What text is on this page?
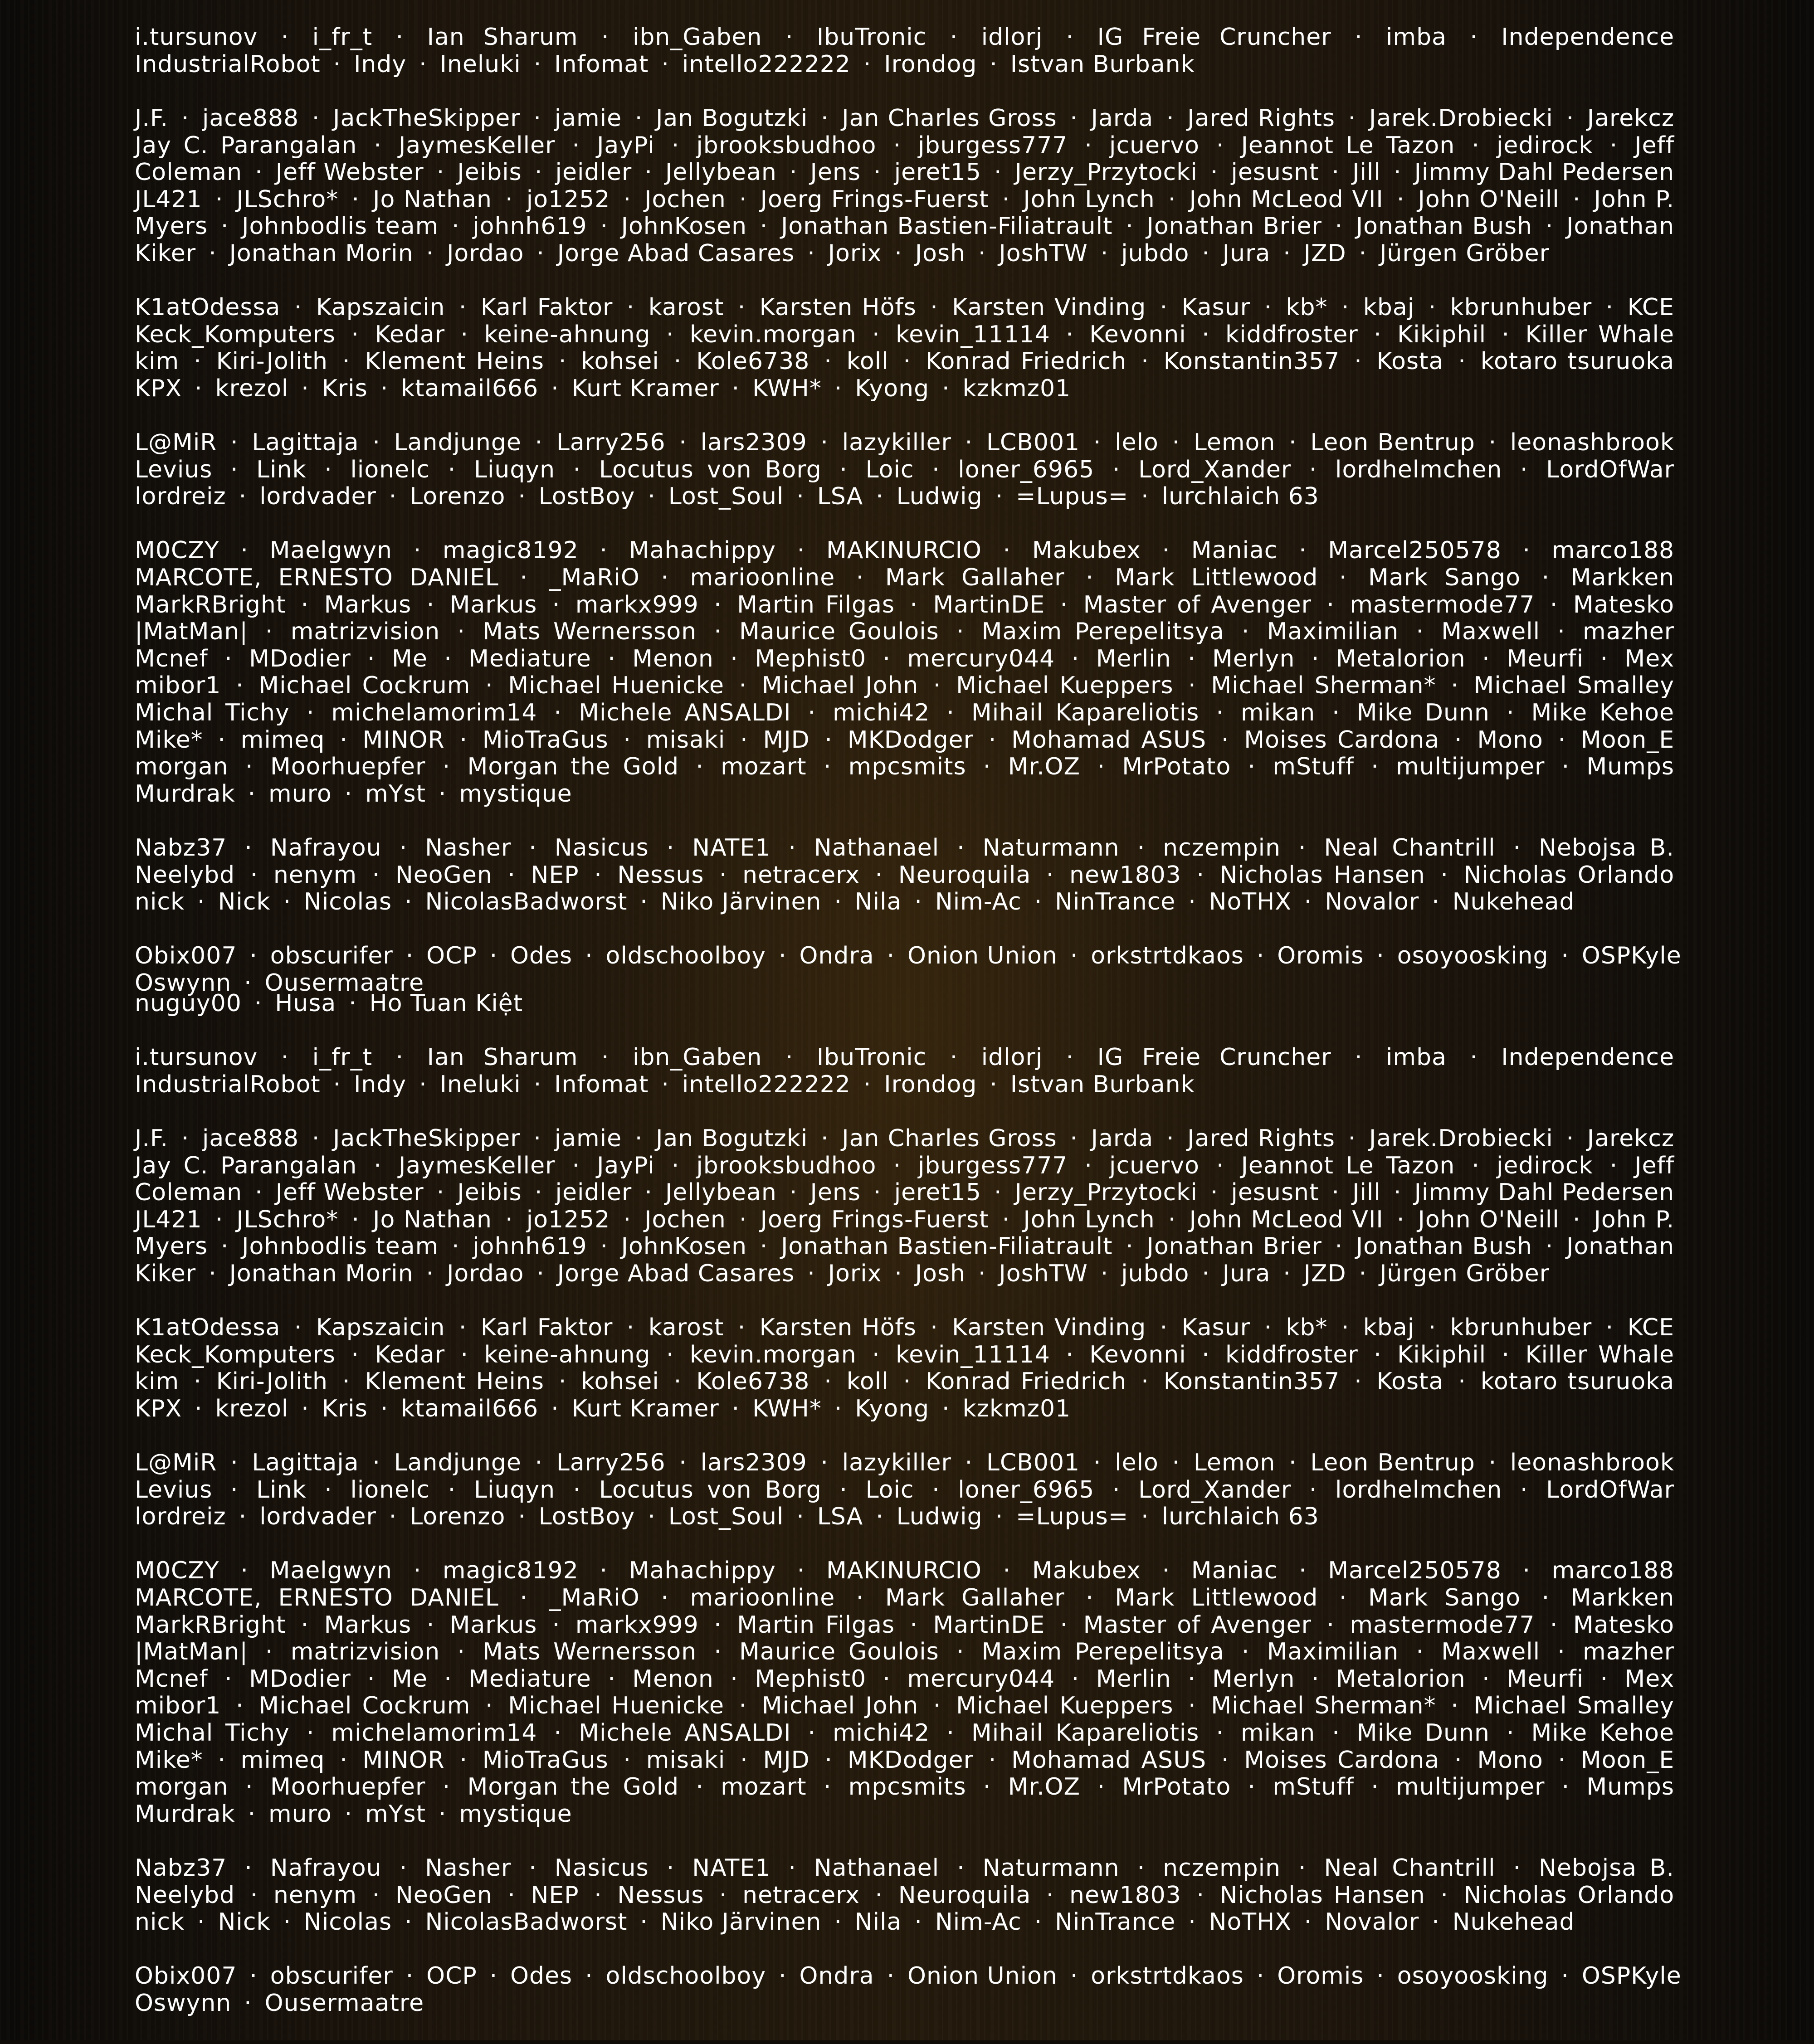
i.tursunov · i_fr_t · Ian Sharum · ibn_Gaben · IbuTronic · idlorj · IG Freie Cruncher · imba · Independence
IndustrialRobot · Indy · Ineluki · Infomat · intello222222 · Irondog · Istvan Burbank
J.F. · jace888 · JackTheSkipper · jamie · Jan Bogutzki · Jan Charles Gross · Jarda · Jared Rights · Jarek.Drobiecki · Jarekcz
Jay C. Parangalan · JaymesKeller · JayPi · jbrooksbudhoo · jburgess777 · jcuervo · Jeannot Le Tazon · jedirock · Jeff
Coleman · Jeff Webster · Jeibis · jeidler · Jellybean · Jens · jeret15 · Jerzy_Przytocki · jesusnt · Jill · Jimmy Dahl Pedersen
JL421 · JLSchro* · Jo Nathan · jo1252 · Jochen · Joerg Frings-Fuerst · John Lynch · John McLeod VII · John O'Neill · John P.
Myers · Johnbodlis team · johnh619 · JohnKosen · Jonathan Bastien-Filiatrault · Jonathan Brier · Jonathan Bush · Jonathan
Kiker · Jonathan Morin · Jordao · Jorge Abad Casares · Jorix · Josh · JoshTW · jubdo · Jura · JZD · Jürgen Gröber
K1atOdessa · Kapszaicin · Karl Faktor · karost · Karsten Höfs · Karsten Vinding · Kasur · kb* · kbaj · kbrunhuber · KCE
Keck_Komputers · Kedar · keine-ahnung · kevin.morgan · kevin_11114 · Kevonni · kiddfroster · Kikiphil · Killer Whale
kim · Kiri-Jolith · Klement Heins · kohsei · Kole6738 · koll · Konrad Friedrich · Konstantin357 · Kosta · kotaro tsuruoka
KPX · krezol · Kris · ktamail666 · Kurt Kramer · KWH* · Kyong · kzkmz01
L@MiR · Lagittaja · Landjunge · Larry256 · lars2309 · lazykiller · LCB001 · lelo · Lemon · Leon Bentrup · leonashbrook
Levius · Link · lionelc · Liuqyn · Locutus von Borg · Loic · loner_6965 · Lord_Xander · lordhelmchen · LordOfWar
lordreiz · lordvader · Lorenzo · LostBoy · Lost_Soul · LSA · Ludwig · =Lupus= · lurchlaich 63
M0CZY · Maelgwyn · magic8192 · Mahachippy · MAKINURCIO · Makubex · Maniac · Marcel250578 · marco188
MARCOTE, ERNESTO DANIEL · _MaRiO · marioonline · Mark Gallaher · Mark Littlewood · Mark Sango · Markken
MarkRBright · Markus · Markus · markx999 · Martin Filgas · MartinDE · Master of Avenger · mastermode77 · Matesko
|MatMan| · matrizvision · Mats Wernersson · Maurice Goulois · Maxim Perepelitsya · Maximilian · Maxwell · mazher
Mcnef · MDodier · Me · Mediature · Menon · Mephist0 · mercury044 · Merlin · Merlyn · Metalorion · Meurfi · Mex
mibor1 · Michael Cockrum · Michael Huenicke · Michael John · Michael Kueppers · Michael Sherman* · Michael Smalley
Michal Tichy · michelamorim14 · Michele ANSALDI · michi42 · Mihail Kapareliotis · mikan · Mike Dunn · Mike Kehoe
Mike* · mimeq · MINOR · MioTraGus · misaki · MJD · MKDodger · Mohamad ASUS · Moises Cardona · Mono · Moon_E
morgan · Moorhuepfer · Morgan the Gold · mozart · mpcsmits · Mr.OZ · MrPotato · mStuff · multijumper · Mumps
Murdrak · muro · mYst · mystique
Nabz37 · Nafrayou · Nasher · Nasicus · NATE1 · Nathanael · Naturmann · nczempin · Neal Chantrill · Nebojsa B.
Neelybd · nenym · NeoGen · NEP · Nessus · netracerx · Neuroquila · new1803 · Nicholas Hansen · Nicholas Orlando
nick · Nick · Nicolas · NicolasBadworst · Niko Järvinen · Nila · Nim-Ac · NinTrance · NoTHX · Novalor · Nukehead
Obix007 · obscurifer · OCP · Odes · oldschoolboy · Ondra · Onion Union · orkstrtdkaos · Oromis · osoyoosking · OSPKyle
Oswynn · Ousermaatre
nuguy00 · Husa · Ho Tuan Kiệt
i.tursunov · i_fr_t · Ian Sharum · ibn_Gaben · IbuTronic · idlorj · IG Freie Cruncher · imba · Independence
IndustrialRobot · Indy · Ineluki · Infomat · intello222222 · Irondog · Istvan Burbank
J.F. · jace888 · JackTheSkipper · jamie · Jan Bogutzki · Jan Charles Gross · Jarda · Jared Rights · Jarek.Drobiecki · Jarekcz
Jay C. Parangalan · JaymesKeller · JayPi · jbrooksbudhoo · jburgess777 · jcuervo · Jeannot Le Tazon · jedirock · Jeff
Coleman · Jeff Webster · Jeibis · jeidler · Jellybean · Jens · jeret15 · Jerzy_Przytocki · jesusnt · Jill · Jimmy Dahl Pedersen
JL421 · JLSchro* · Jo Nathan · jo1252 · Jochen · Joerg Frings-Fuerst · John Lynch · John McLeod VII · John O'Neill · John P.
Myers · Johnbodlis team · johnh619 · JohnKosen · Jonathan Bastien-Filiatrault · Jonathan Brier · Jonathan Bush · Jonathan
Kiker · Jonathan Morin · Jordao · Jorge Abad Casares · Jorix · Josh · JoshTW · jubdo · Jura · JZD · Jürgen Gröber
K1atOdessa · Kapszaicin · Karl Faktor · karost · Karsten Höfs · Karsten Vinding · Kasur · kb* · kbaj · kbrunhuber · KCE
Keck_Komputers · Kedar · keine-ahnung · kevin.morgan · kevin_11114 · Kevonni · kiddfroster · Kikiphil · Killer Whale
kim · Kiri-Jolith · Klement Heins · kohsei · Kole6738 · koll · Konrad Friedrich · Konstantin357 · Kosta · kotaro tsuruoka
KPX · krezol · Kris · ktamail666 · Kurt Kramer · KWH* · Kyong · kzkmz01
L@MiR · Lagittaja · Landjunge · Larry256 · lars2309 · lazykiller · LCB001 · lelo · Lemon · Leon Bentrup · leonashbrook
Levius · Link · lionelc · Liuqyn · Locutus von Borg · Loic · loner_6965 · Lord_Xander · lordhelmchen · LordOfWar
lordreiz · lordvader · Lorenzo · LostBoy · Lost_Soul · LSA · Ludwig · =Lupus= · lurchlaich 63
M0CZY · Maelgwyn · magic8192 · Mahachippy · MAKINURCIO · Makubex · Maniac · Marcel250578 · marco188
MARCOTE, ERNESTO DANIEL · _MaRiO · marioonline · Mark Gallaher · Mark Littlewood · Mark Sango · Markken
MarkRBright · Markus · Markus · markx999 · Martin Filgas · MartinDE · Master of Avenger · mastermode77 · Matesko
|MatMan| · matrizvision · Mats Wernersson · Maurice Goulois · Maxim Perepelitsya · Maximilian · Maxwell · mazher
Mcnef · MDodier · Me · Mediature · Menon · Mephist0 · mercury044 · Merlin · Merlyn · Metalorion · Meurfi · Mex
mibor1 · Michael Cockrum · Michael Huenicke · Michael John · Michael Kueppers · Michael Sherman* · Michael Smalley
Michal Tichy · michelamorim14 · Michele ANSALDI · michi42 · Mihail Kapareliotis · mikan · Mike Dunn · Mike Kehoe
Mike* · mimeq · MINOR · MioTraGus · misaki · MJD · MKDodger · Mohamad ASUS · Moises Cardona · Mono · Moon_E
morgan · Moorhuepfer · Morgan the Gold · mozart · mpcsmits · Mr.OZ · MrPotato · mStuff · multijumper · Mumps
Murdrak · muro · mYst · mystique
Nabz37 · Nafrayou · Nasher · Nasicus · NATE1 · Nathanael · Naturmann · nczempin · Neal Chantrill · Nebojsa B.
Neelybd · nenym · NeoGen · NEP · Nessus · netracerx · Neuroquila · new1803 · Nicholas Hansen · Nicholas Orlando
nick · Nick · Nicolas · NicolasBadworst · Niko Järvinen · Nila · Nim-Ac · NinTrance · NoTHX · Novalor · Nukehead
Obix007 · obscurifer · OCP · Odes · oldschoolboy · Ondra · Onion Union · orkstrtdkaos · Oromis · osoyoosking · OSPKyle
Oswynn · Ousermaatre
